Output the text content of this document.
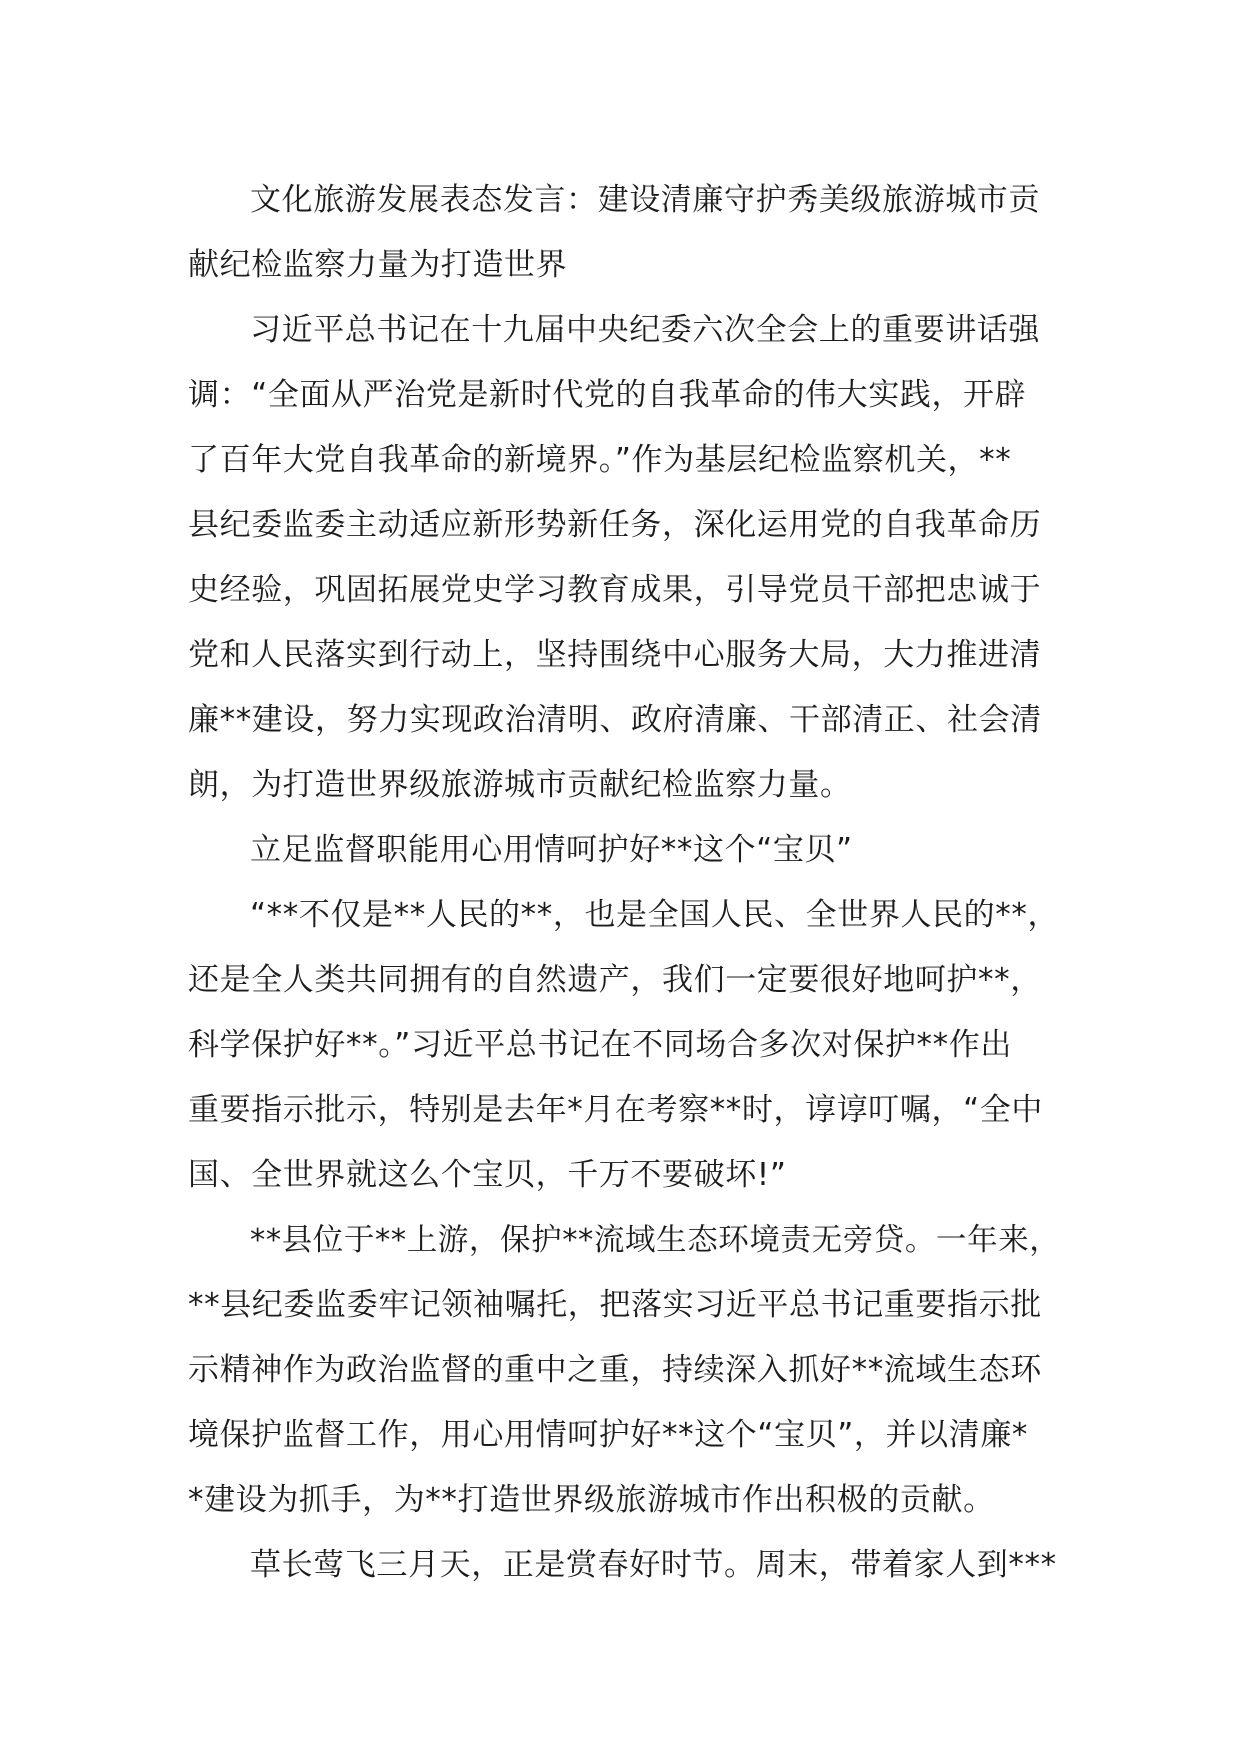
文化旅游发展表态发言：建设清廉守护秀美级旅游城市贡
献纪检监察力量为打造世界
习近平总书记在十九届中央纪委六次全会上的重要讲话强
调：“全面从严治党是新时代党的自我革命的伟大实践，开辟
了百年大党自我革命的新境界。”作为基层纪检监察机关，**
县纪委监委主动适应新形势新任务，深化运用党的自我革命历
史经验，巩固拓展党史学习教育成果，引导党员干部把忠诚于
党和人民落实到行动上，坚持围绕中心服务大局，大力推进清
廉**建设，努力实现政治清明、政府清廉、干部清正、社会清
朗，为打造世界级旅游城市贡献纪检监察力量。
立足监督职能用心用情呵护好**这个“宝贝”
“**不仅是**人民的**，也是全国人民、全世界人民的**，
还是全人类共同拥有的自然遗产，我们一定要很好地呵护**，
科学保护好**。”习近平总书记在不同场合多次对保护**作出
重要指示批示，特别是去年*月在考察**时，谆谆叮嘱，“全中
国、全世界就这么个宝贝，千万不要破坏!”
**县位于**上游，保护**流域生态环境责无旁贷。一年来，
**县纪委监委牢记领袖嘱托，把落实习近平总书记重要指示批
示精神作为政治监督的重中之重，持续深入抓好**流域生态环
境保护监督工作，用心用情呵护好**这个“宝贝”，并以清廉*
*建设为抓手，为**打造世界级旅游城市作出积极的贡献。
草长莺飞三月天，正是赏春好时节。周末，带着家人到***
